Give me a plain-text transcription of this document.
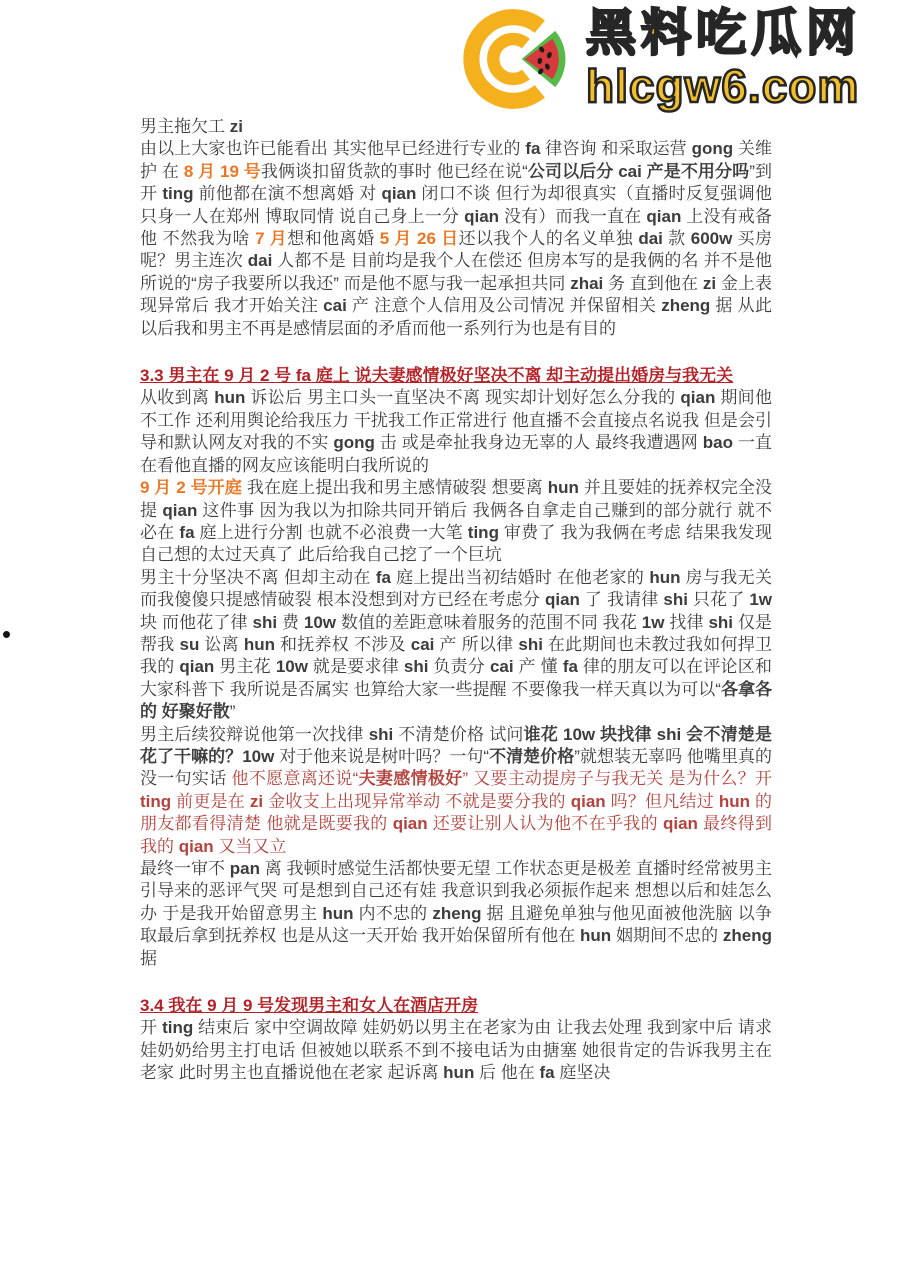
黑料吃瓜网
hlcgw6.com

男主拖欠工 zi

由以上大家也许已能看出 其实他早已经进行专业的 fa 律咨询 和采取运营 gong 关维护 在 8 月 19 号我俩谈扣留货款的事时 他已经在说“公司以后分 cai 产是不用分吗”到开 ting 前他都在演不想离婚 对 qian 闭口不谈 但行为却很真实（直播时反复强调他只身一人在郑州 博取同情 说自己身上一分 qian 没有）而我一直在 qian 上没有戒备他 不然我为啥 7 月想和他离婚 5 月 26 日还以我个人的名义单独 dai 款 600w 买房呢？男主连次 dai 人都不是 目前均是我个人在偿还 但房本写的是我俩的名 并不是他所说的“房子我要所以我还” 而是他不愿与我一起承担共同 zhai 务 直到他在 zi 金上表现异常后 我才开始关注 cai 产 注意个人信用及公司情况 并保留相关 zheng 据 从此以后我和男主不再是感情层面的矛盾而他一系列行为也是有目的

3.3 男主在 9 月 2 号 fa 庭上 说夫妻感情极好坚决不离 却主动提出婚房与我无关

从收到离 hun 诉讼后 男主口头一直坚决不离 现实却计划好怎么分我的 qian 期间他不工作 还利用舆论给我压力 干扰我工作正常进行 他直播不会直接点名说我 但是会引导和默认网友对我的不实 gong 击 或是牵扯我身边无辜的人 最终我遭遇网 bao 一直在看他直播的网友应该能明白我所说的

9 月 2 号开庭 我在庭上提出我和男主感情破裂 想要离 hun 并且要娃的抚养权完全没提 qian 这件事 因为我以为扣除共同开销后 我俩各自拿走自己赚到的部分就行 就不必在 fa 庭上进行分割 也就不必浪费一大笔 ting 审费了 我为我俩在考虑 结果我发现自己想的太过天真了 此后给我自己挖了一个巨坑

男主十分坚决不离 但却主动在 fa 庭上提出当初结婚时 在他老家的 hun 房与我无关 而我傻傻只提感情破裂 根本没想到对方已经在考虑分 qian 了 我请律 shi 只花了 1w 块 而他花了律 shi 费 10w 数值的差距意味着服务的范围不同 我花 1w 找律 shi 仅是帮我 su 讼离 hun 和抚养权 不涉及 cai 产 所以律 shi 在此期间也未教过我如何捍卫我的 qian 男主花 10w 就是要求律 shi 负责分 cai 产 懂 fa 律的朋友可以在评论区和大家科普下 我所说是否属实 也算给大家一些提醒 不要像我一样天真以为可以“各拿各的 好聚好散”

男主后续狡辩说他第一次找律 shi 不清楚价格 试问谁花 10w 块找律 shi 会不清楚是花了干嘛的？10w 对于他来说是树叶吗？一句“不清楚价格”就想装无辜吗 他嘴里真的没一句实话 他不愿意离还说“夫妻感情极好” 又要主动提房子与我无关 是为什么？开 ting 前更是在 zi 金收支上出现异常举动 不就是要分我的 qian 吗？但凡结过 hun 的朋友都看得清楚 他就是既要我的 qian 还要让别人认为他不在乎我的 qian 最终得到我的 qian 又当又立

最终一审不 pan 离 我顿时感觉生活都快要无望 工作状态更是极差 直播时经常被男主引导来的恶评气哭 可是想到自己还有娃 我意识到我必须振作起来 想想以后和娃怎么办 于是我开始留意男主 hun 内不忠的 zheng 据 且避免单独与他见面被他洗脑 以争取最后拿到抚养权 也是从这一天开始 我开始保留所有他在 hun 姻期间不忠的 zheng 据

3.4 我在 9 月 9 号发现男主和女人在酒店开房

开 ting 结束后 家中空调故障 娃奶奶以男主在老家为由 让我去处理 我到家中后 请求娃奶奶给男主打电话 但被她以联系不到不接电话为由搪塞 她很肯定的告诉我男主在老家 此时男主也直播说他在老家 起诉离 hun 后 他在 fa 庭坚决
